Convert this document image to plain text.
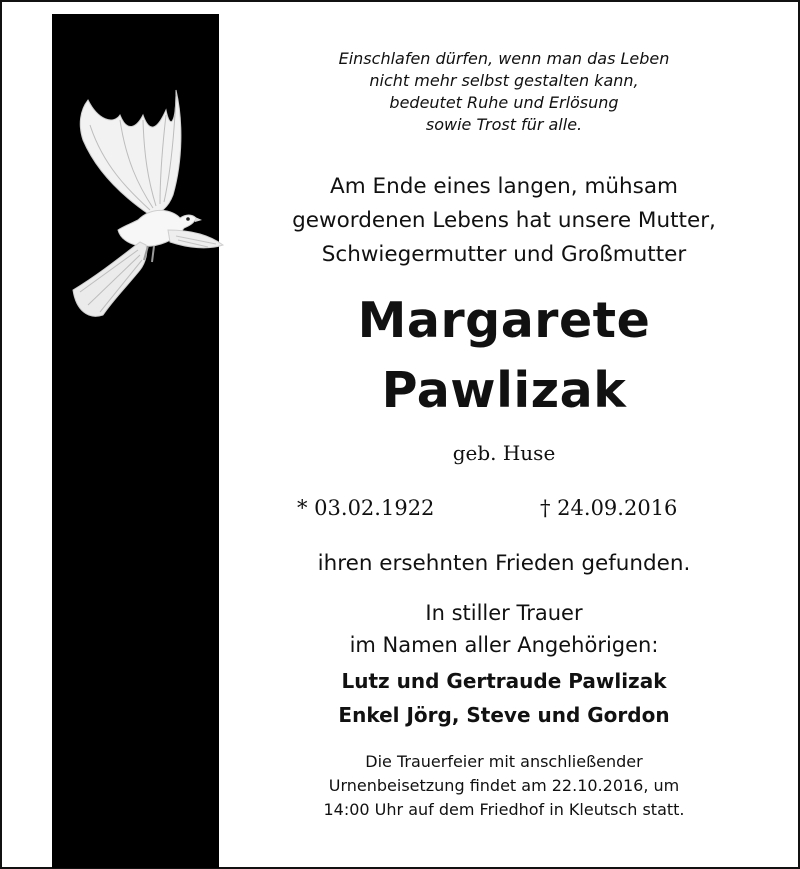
Einschlafen dürfen, wenn man das Leben
nicht mehr selbst gestalten kann,
bedeutet Ruhe und Erlösung
sowie Trost für alle.
Am Ende eines langen, mühsam
gewordenen Lebens hat unsere Mutter,
Schwiegermutter und Großmutter
Margarete
Pawlizak
geb. Huse
* 03.02.1922	† 24.09.2016
ihren ersehnten Frieden gefunden.
In stiller Trauer
im Namen aller Angehörigen:
Lutz und Gertraude Pawlizak
Enkel Jörg, Steve und Gordon
Die Trauerfeier mit anschließender
Urnenbeisetzung findet am 22.10.2016, um
14:00 Uhr auf dem Friedhof in Kleutsch statt.
